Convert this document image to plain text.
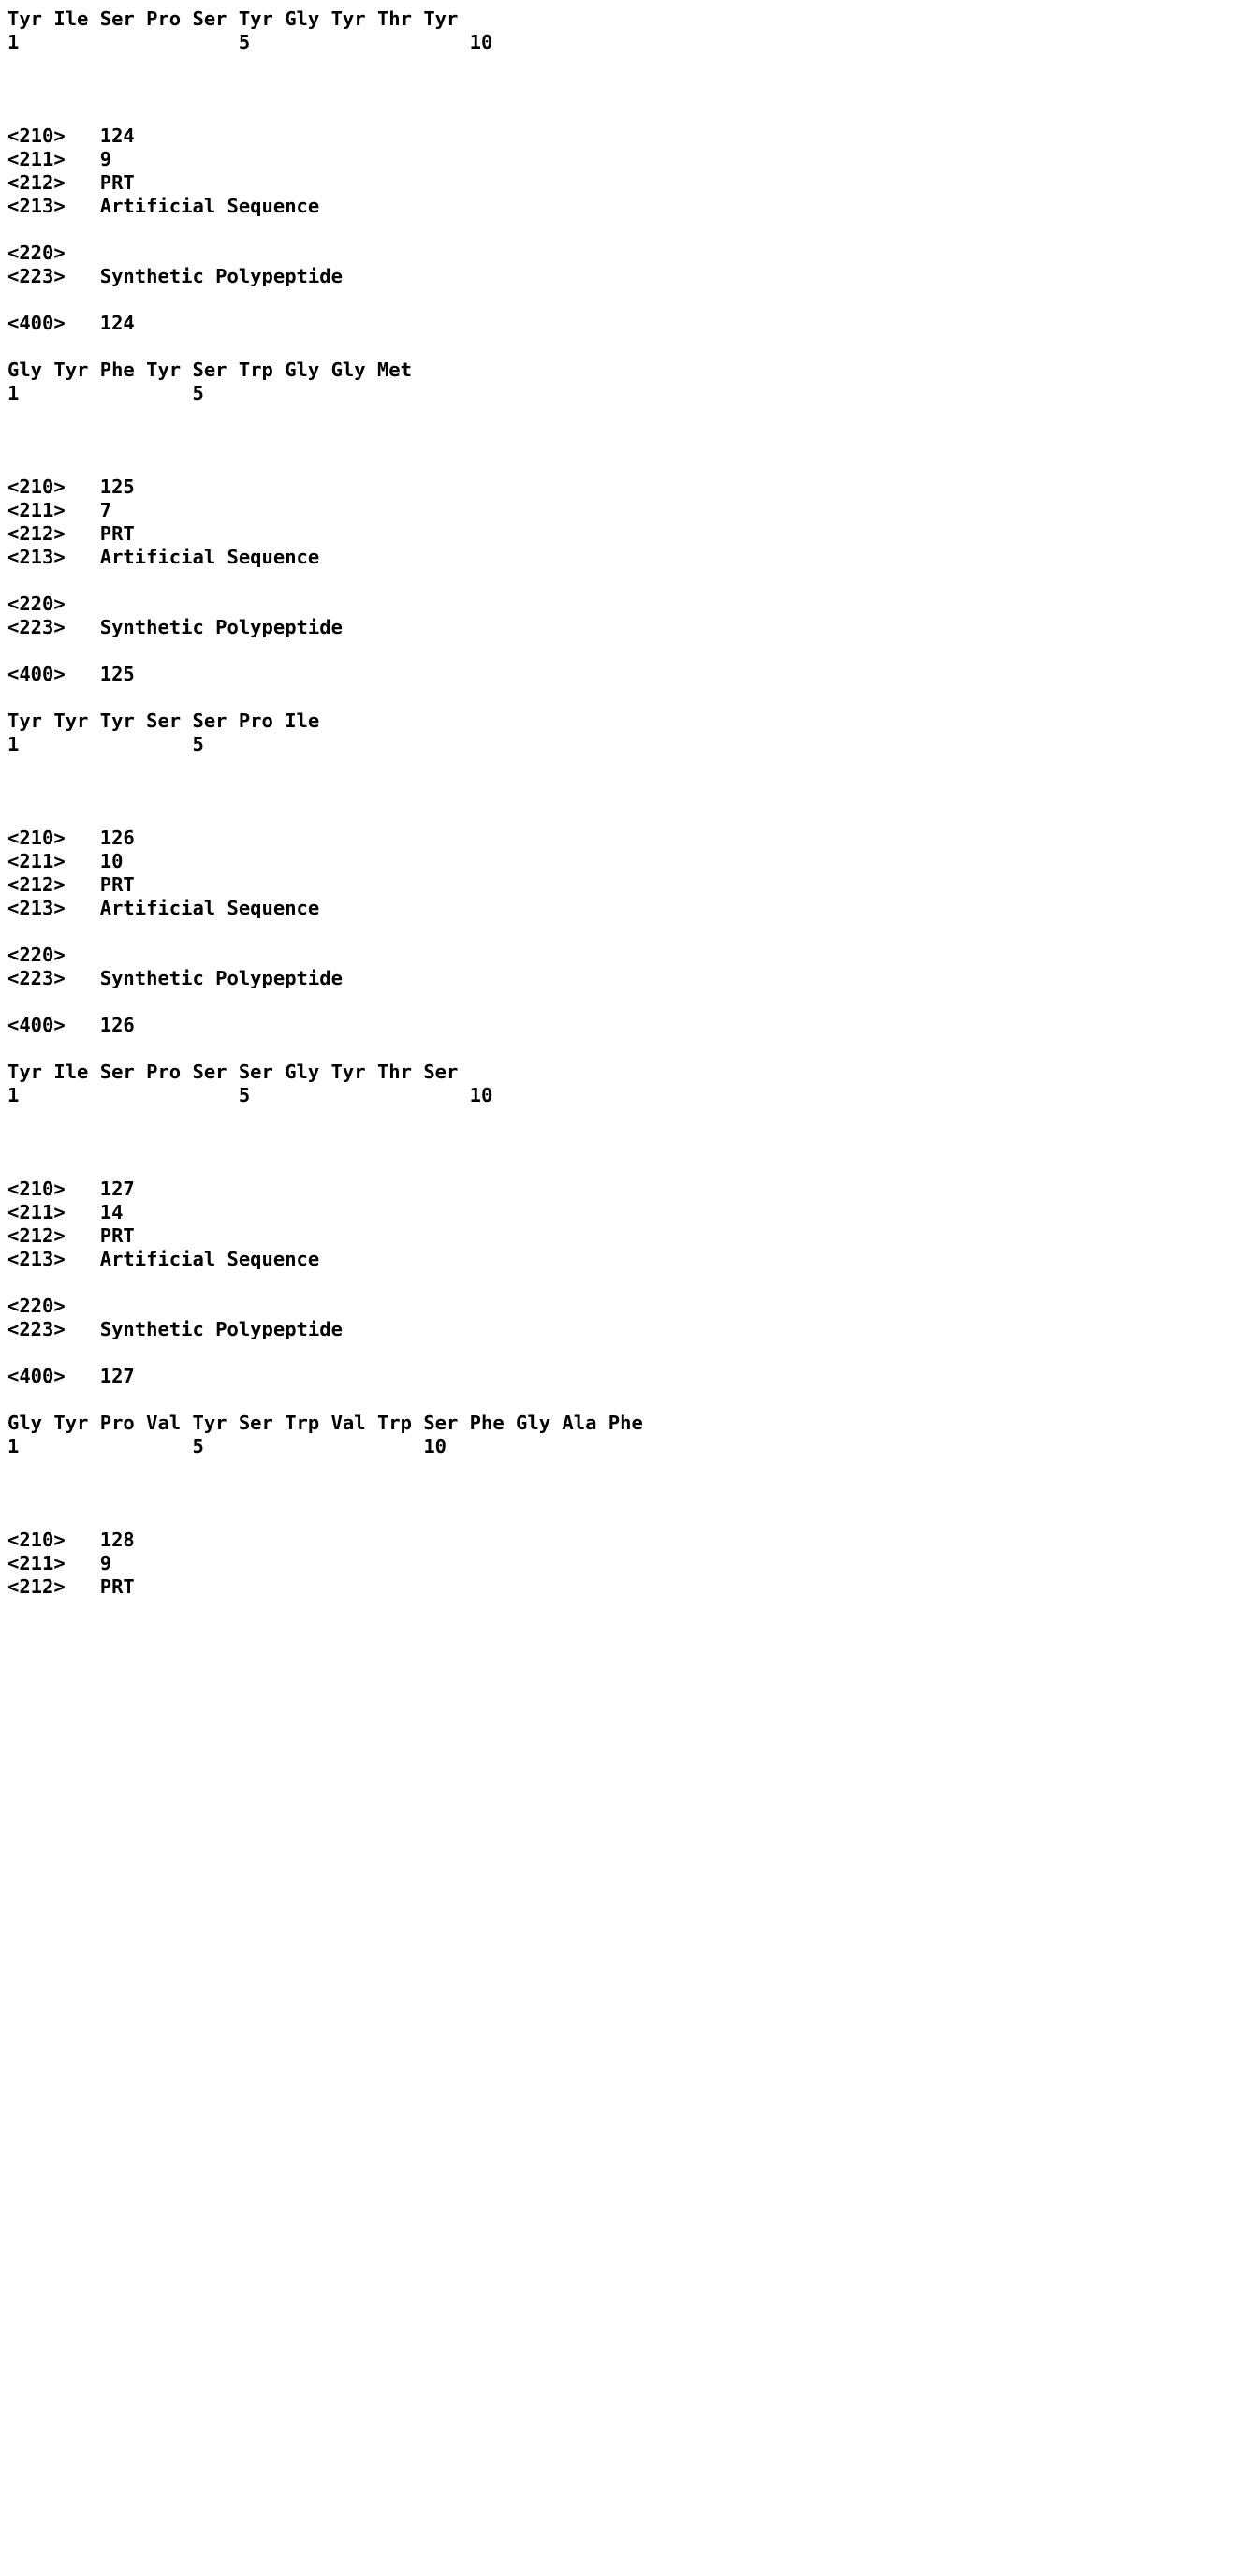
Tyr Ile Ser Pro Ser Tyr Gly Tyr Thr Tyr
1                   5                   10
<210>   124
<211>   9
<212>   PRT
<213>   Artificial Sequence
<220>
<223>   Synthetic Polypeptide
<400>   124
Gly Tyr Phe Tyr Ser Trp Gly Gly Met
1               5
<210>   125
<211>   7
<212>   PRT
<213>   Artificial Sequence
<220>
<223>   Synthetic Polypeptide
<400>   125
Tyr Tyr Tyr Ser Ser Pro Ile
1               5
<210>   126
<211>   10
<212>   PRT
<213>   Artificial Sequence
<220>
<223>   Synthetic Polypeptide
<400>   126
Tyr Ile Ser Pro Ser Ser Gly Tyr Thr Ser
1                   5                   10
<210>   127
<211>   14
<212>   PRT
<213>   Artificial Sequence
<220>
<223>   Synthetic Polypeptide
<400>   127
Gly Tyr Pro Val Tyr Ser Trp Val Trp Ser Phe Gly Ala Phe
1               5                   10
<210>   128
<211>   9
<212>   PRT
